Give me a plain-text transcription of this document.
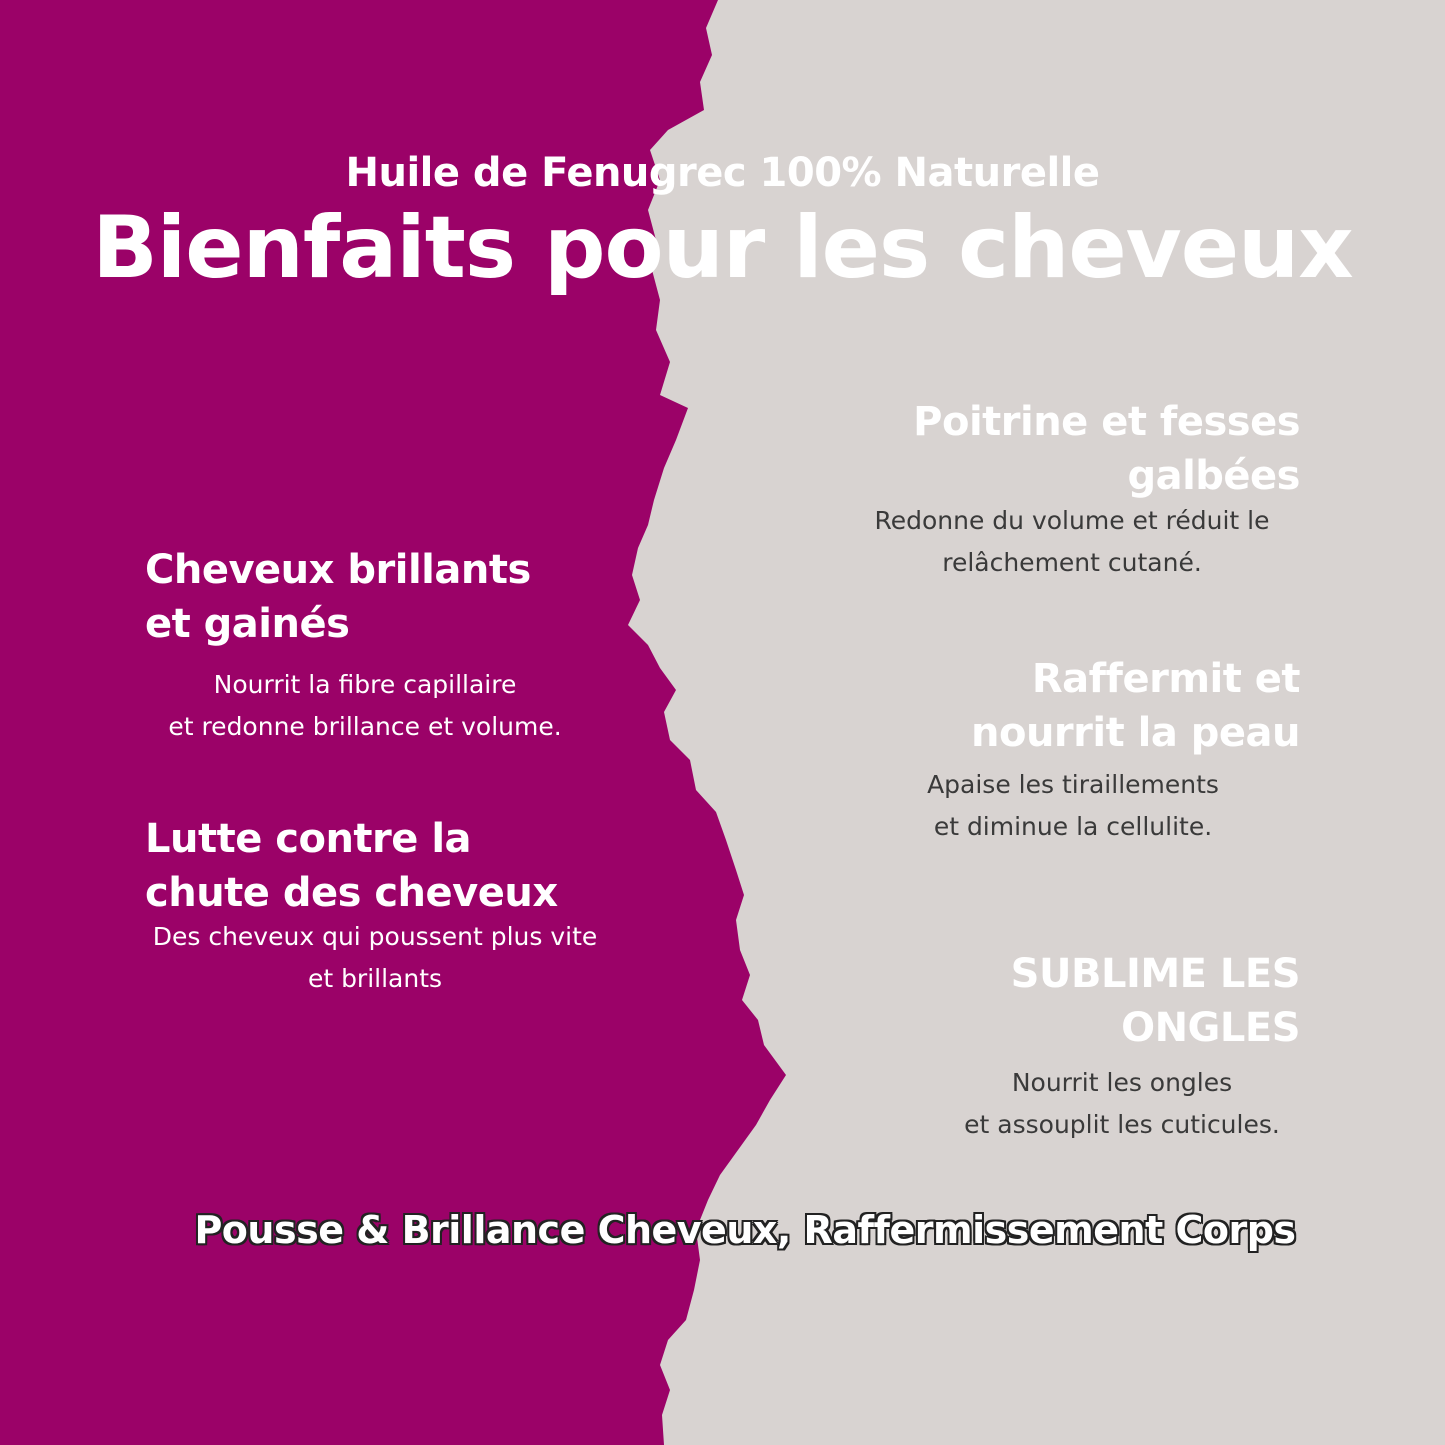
Huile de Fenugrec 100% Naturelle
Bienfaits pour les cheveux
Cheveux brillants
et gainés
Nourrit la fibre capillaire
et redonne brillance et volume.
Lutte contre la
chute des cheveux
Des cheveux qui poussent plus vite
et brillants
Poitrine et fesses
galbées
Redonne du volume et réduit le
relâchement cutané.
Raffermit et
nourrit la peau
Apaise les tiraillements
et diminue la cellulite.
SUBLIME LES
ONGLES
Nourrit les ongles
et assouplit les cuticules.
Pousse & Brillance Cheveux, Raffermissement Corps
